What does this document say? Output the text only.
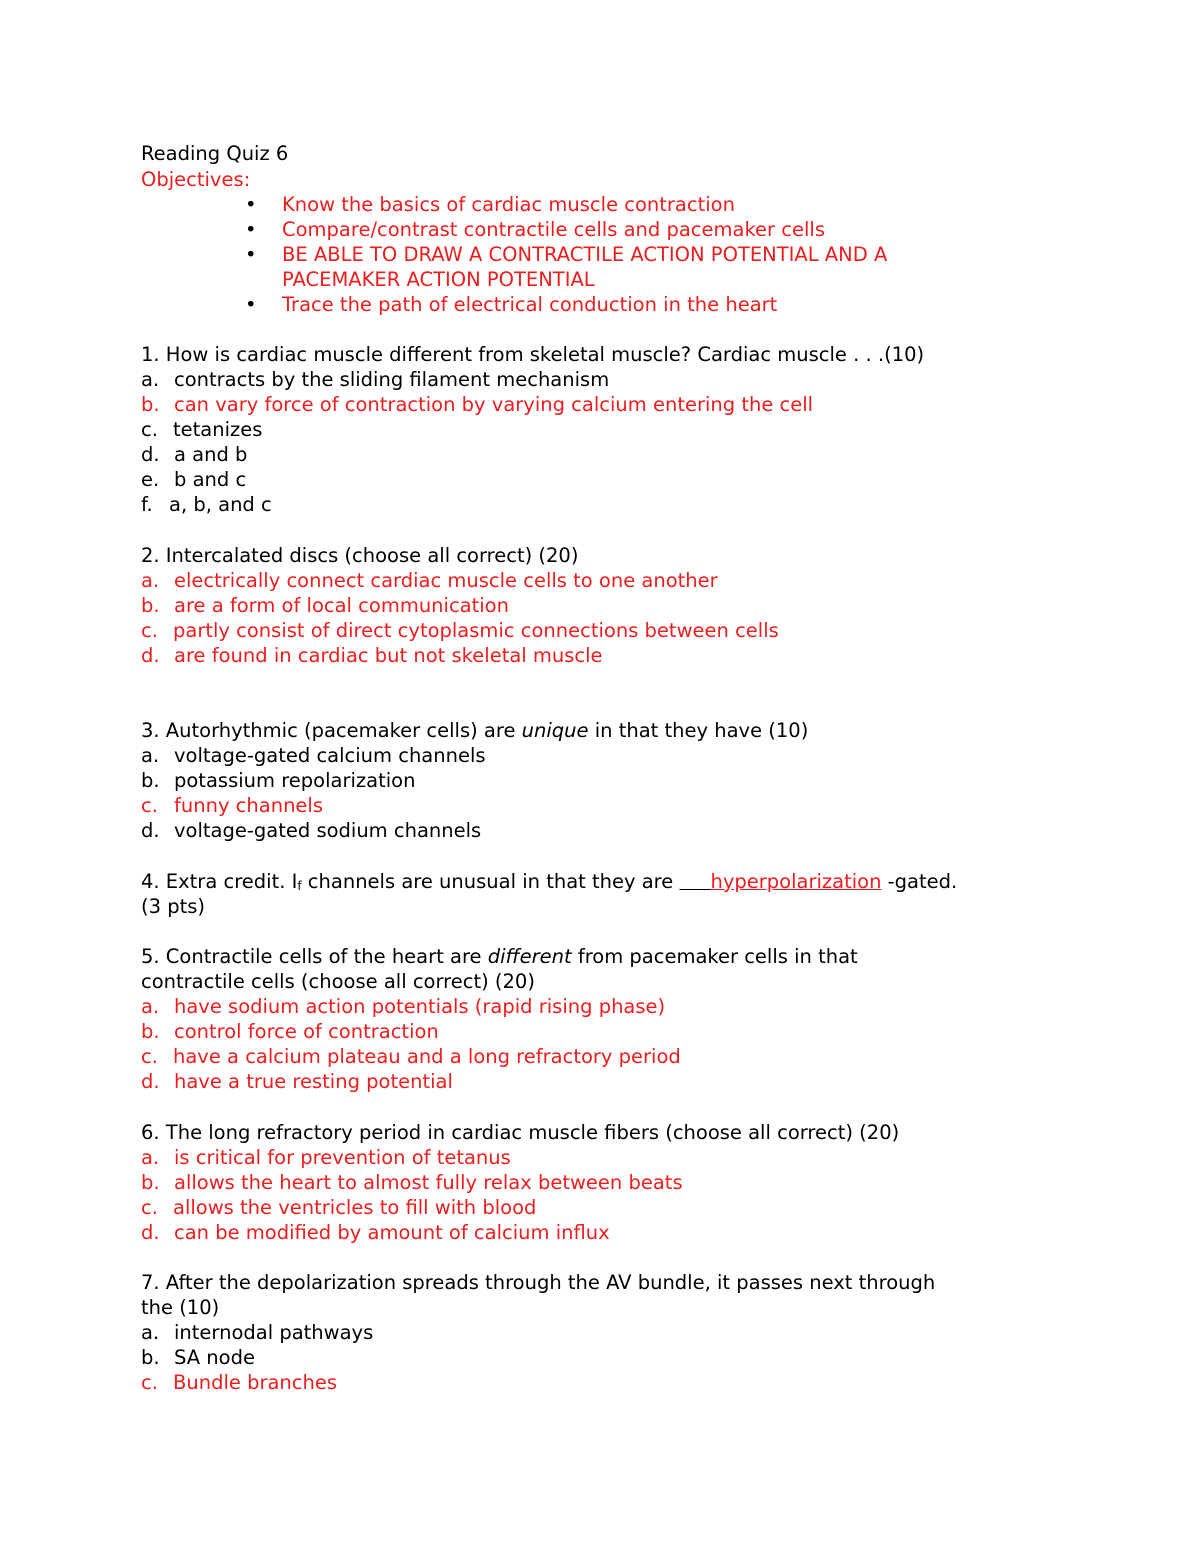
Reading Quiz 6
Objectives:
• Know the basics of cardiac muscle contraction
• Compare/contrast contractile cells and pacemaker cells
• BE ABLE TO DRAW A CONTRACTILE ACTION POTENTIAL AND A
PACEMAKER ACTION POTENTIAL
• Trace the path of electrical conduction in the heart
1. How is cardiac muscle different from skeletal muscle? Cardiac muscle . . .(10)
a. contracts by the sliding filament mechanism
b. can vary force of contraction by varying calcium entering the cell
c. tetanizes
d. a and b
e. b and c
f. a, b, and c
2. Intercalated discs (choose all correct) (20)
a. electrically connect cardiac muscle cells to one another
b. are a form of local communication
c. partly consist of direct cytoplasmic connections between cells
d. are found in cardiac but not skeletal muscle
3. Autorhythmic (pacemaker cells) are unique in that they have (10)
a. voltage-gated calcium channels
b. potassium repolarization
c. funny channels
d. voltage-gated sodium channels
4. Extra credit. If channels are unusual in that they are      hyperpolarization -gated.
(3 pts)
5. Contractile cells of the heart are different from pacemaker cells in that
contractile cells (choose all correct) (20)
a. have sodium action potentials (rapid rising phase)
b. control force of contraction
c. have a calcium plateau and a long refractory period
d. have a true resting potential
6. The long refractory period in cardiac muscle fibers (choose all correct) (20)
a. is critical for prevention of tetanus
b. allows the heart to almost fully relax between beats
c. allows the ventricles to fill with blood
d. can be modified by amount of calcium influx
7. After the depolarization spreads through the AV bundle, it passes next through
the (10)
a. internodal pathways
b. SA node
c. Bundle branches
